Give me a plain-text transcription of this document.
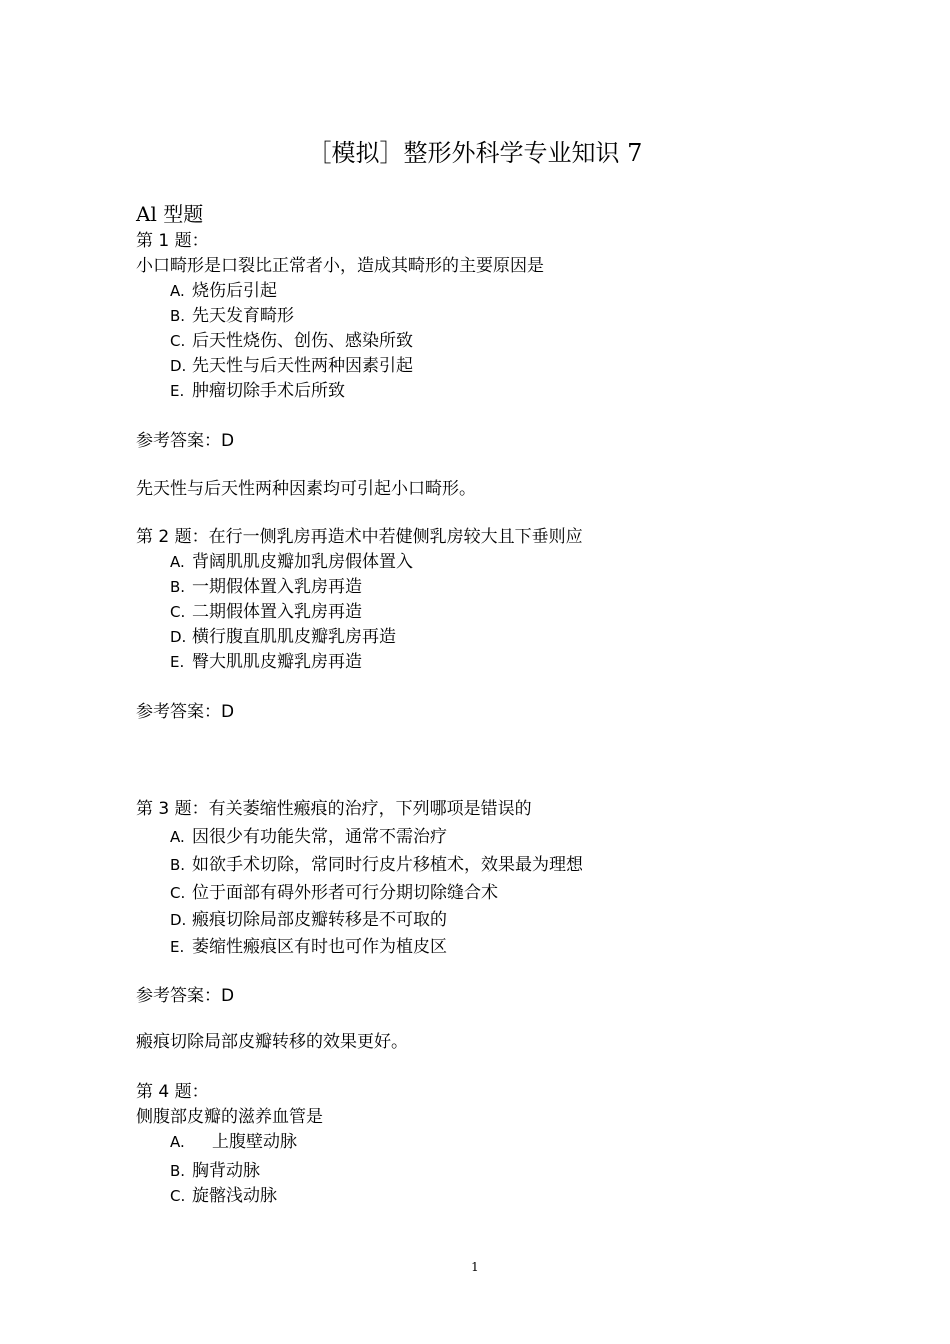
［模拟］整形外科学专业知识 7
Al 型题
第 1 题：
小口畸形是口裂比正常者小，造成其畸形的主要原因是
A. 烧伤后引起
B. 先天发育畸形
C. 后天性烧伤、创伤、感染所致
D. 先天性与后天性两种因素引起
E. 肿瘤切除手术后所致
参考答案：D
先天性与后天性两种因素均可引起小口畸形。
第 2 题：在行一侧乳房再造术中若健侧乳房较大且下垂则应
A. 背阔肌肌皮瓣加乳房假体置入
B. 一期假体置入乳房再造
C. 二期假体置入乳房再造
D. 横行腹直肌肌皮瓣乳房再造
E. 臀大肌肌皮瓣乳房再造
参考答案：D
第 3 题：有关萎缩性瘢痕的治疗，下列哪项是错误的
A. 因很少有功能失常，通常不需治疗
B. 如欲手术切除，常同时行皮片移植术，效果最为理想
C. 位于面部有碍外形者可行分期切除缝合术
D. 瘢痕切除局部皮瓣转移是不可取的
E. 萎缩性瘢痕区有时也可作为植皮区
参考答案：D
瘢痕切除局部皮瓣转移的效果更好。
第 4 题：
侧腹部皮瓣的滋养血管是
A. 上腹壁动脉
B. 胸背动脉
C. 旋髂浅动脉
1
